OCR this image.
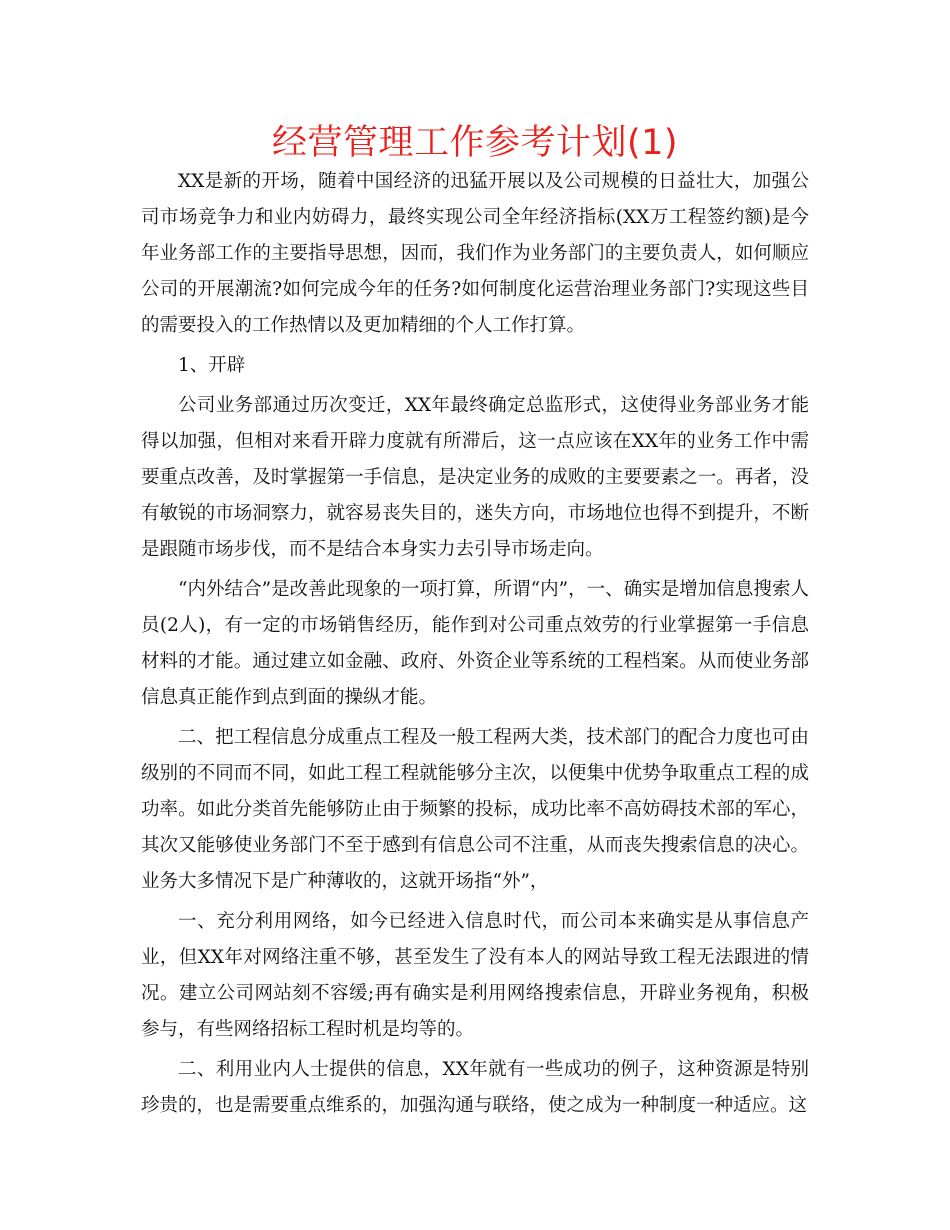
经营管理工作参考计划(1)

XX是新的开场，随着中国经济的迅猛开展以及公司规模的日益壮大，加强公司市场竞争力和业内妨碍力，最终实现公司全年经济指标(XX万工程签约额)是今年业务部工作的主要指导思想，因而，我们作为业务部门的主要负责人，如何顺应公司的开展潮流?如何完成今年的任务?如何制度化运营治理业务部门?实现这些目的需要投入的工作热情以及更加精细的个人工作打算。

1、开辟

公司业务部通过历次变迁，XX年最终确定总监形式，这使得业务部业务才能得以加强，但相对来看开辟力度就有所滞后，这一点应该在XX年的业务工作中需要重点改善，及时掌握第一手信息，是决定业务的成败的主要要素之一。再者，没有敏锐的市场洞察力，就容易丧失目的，迷失方向，市场地位也得不到提升，不断是跟随市场步伐，而不是结合本身实力去引导市场走向。

“内外结合”是改善此现象的一项打算，所谓“内”，一、确实是增加信息搜索人员(2人)，有一定的市场销售经历，能作到对公司重点效劳的行业掌握第一手信息材料的才能。通过建立如金融、政府、外资企业等系统的工程档案。从而使业务部信息真正能作到点到面的操纵才能。

二、把工程信息分成重点工程及一般工程两大类，技术部门的配合力度也可由级别的不同而不同，如此工程工程就能够分主次，以便集中优势争取重点工程的成功率。如此分类首先能够防止由于频繁的投标，成功比率不高妨碍技术部的军心，其次又能够使业务部门不至于感到有信息公司不注重，从而丧失搜索信息的决心。业务大多情况下是广种薄收的，这就开场指“外”，

一、充分利用网络，如今已经进入信息时代，而公司本来确实是从事信息产业，但XX年对网络注重不够，甚至发生了没有本人的网站导致工程无法跟进的情况。建立公司网站刻不容缓;再有确实是利用网络搜索信息，开辟业务视角，积极参与，有些网络招标工程时机是均等的。

二、利用业内人士提供的信息，XX年就有一些成功的例子，这种资源是特别珍贵的，也是需要重点维系的，加强沟通与联络，使之成为一种制度一种适应。这
